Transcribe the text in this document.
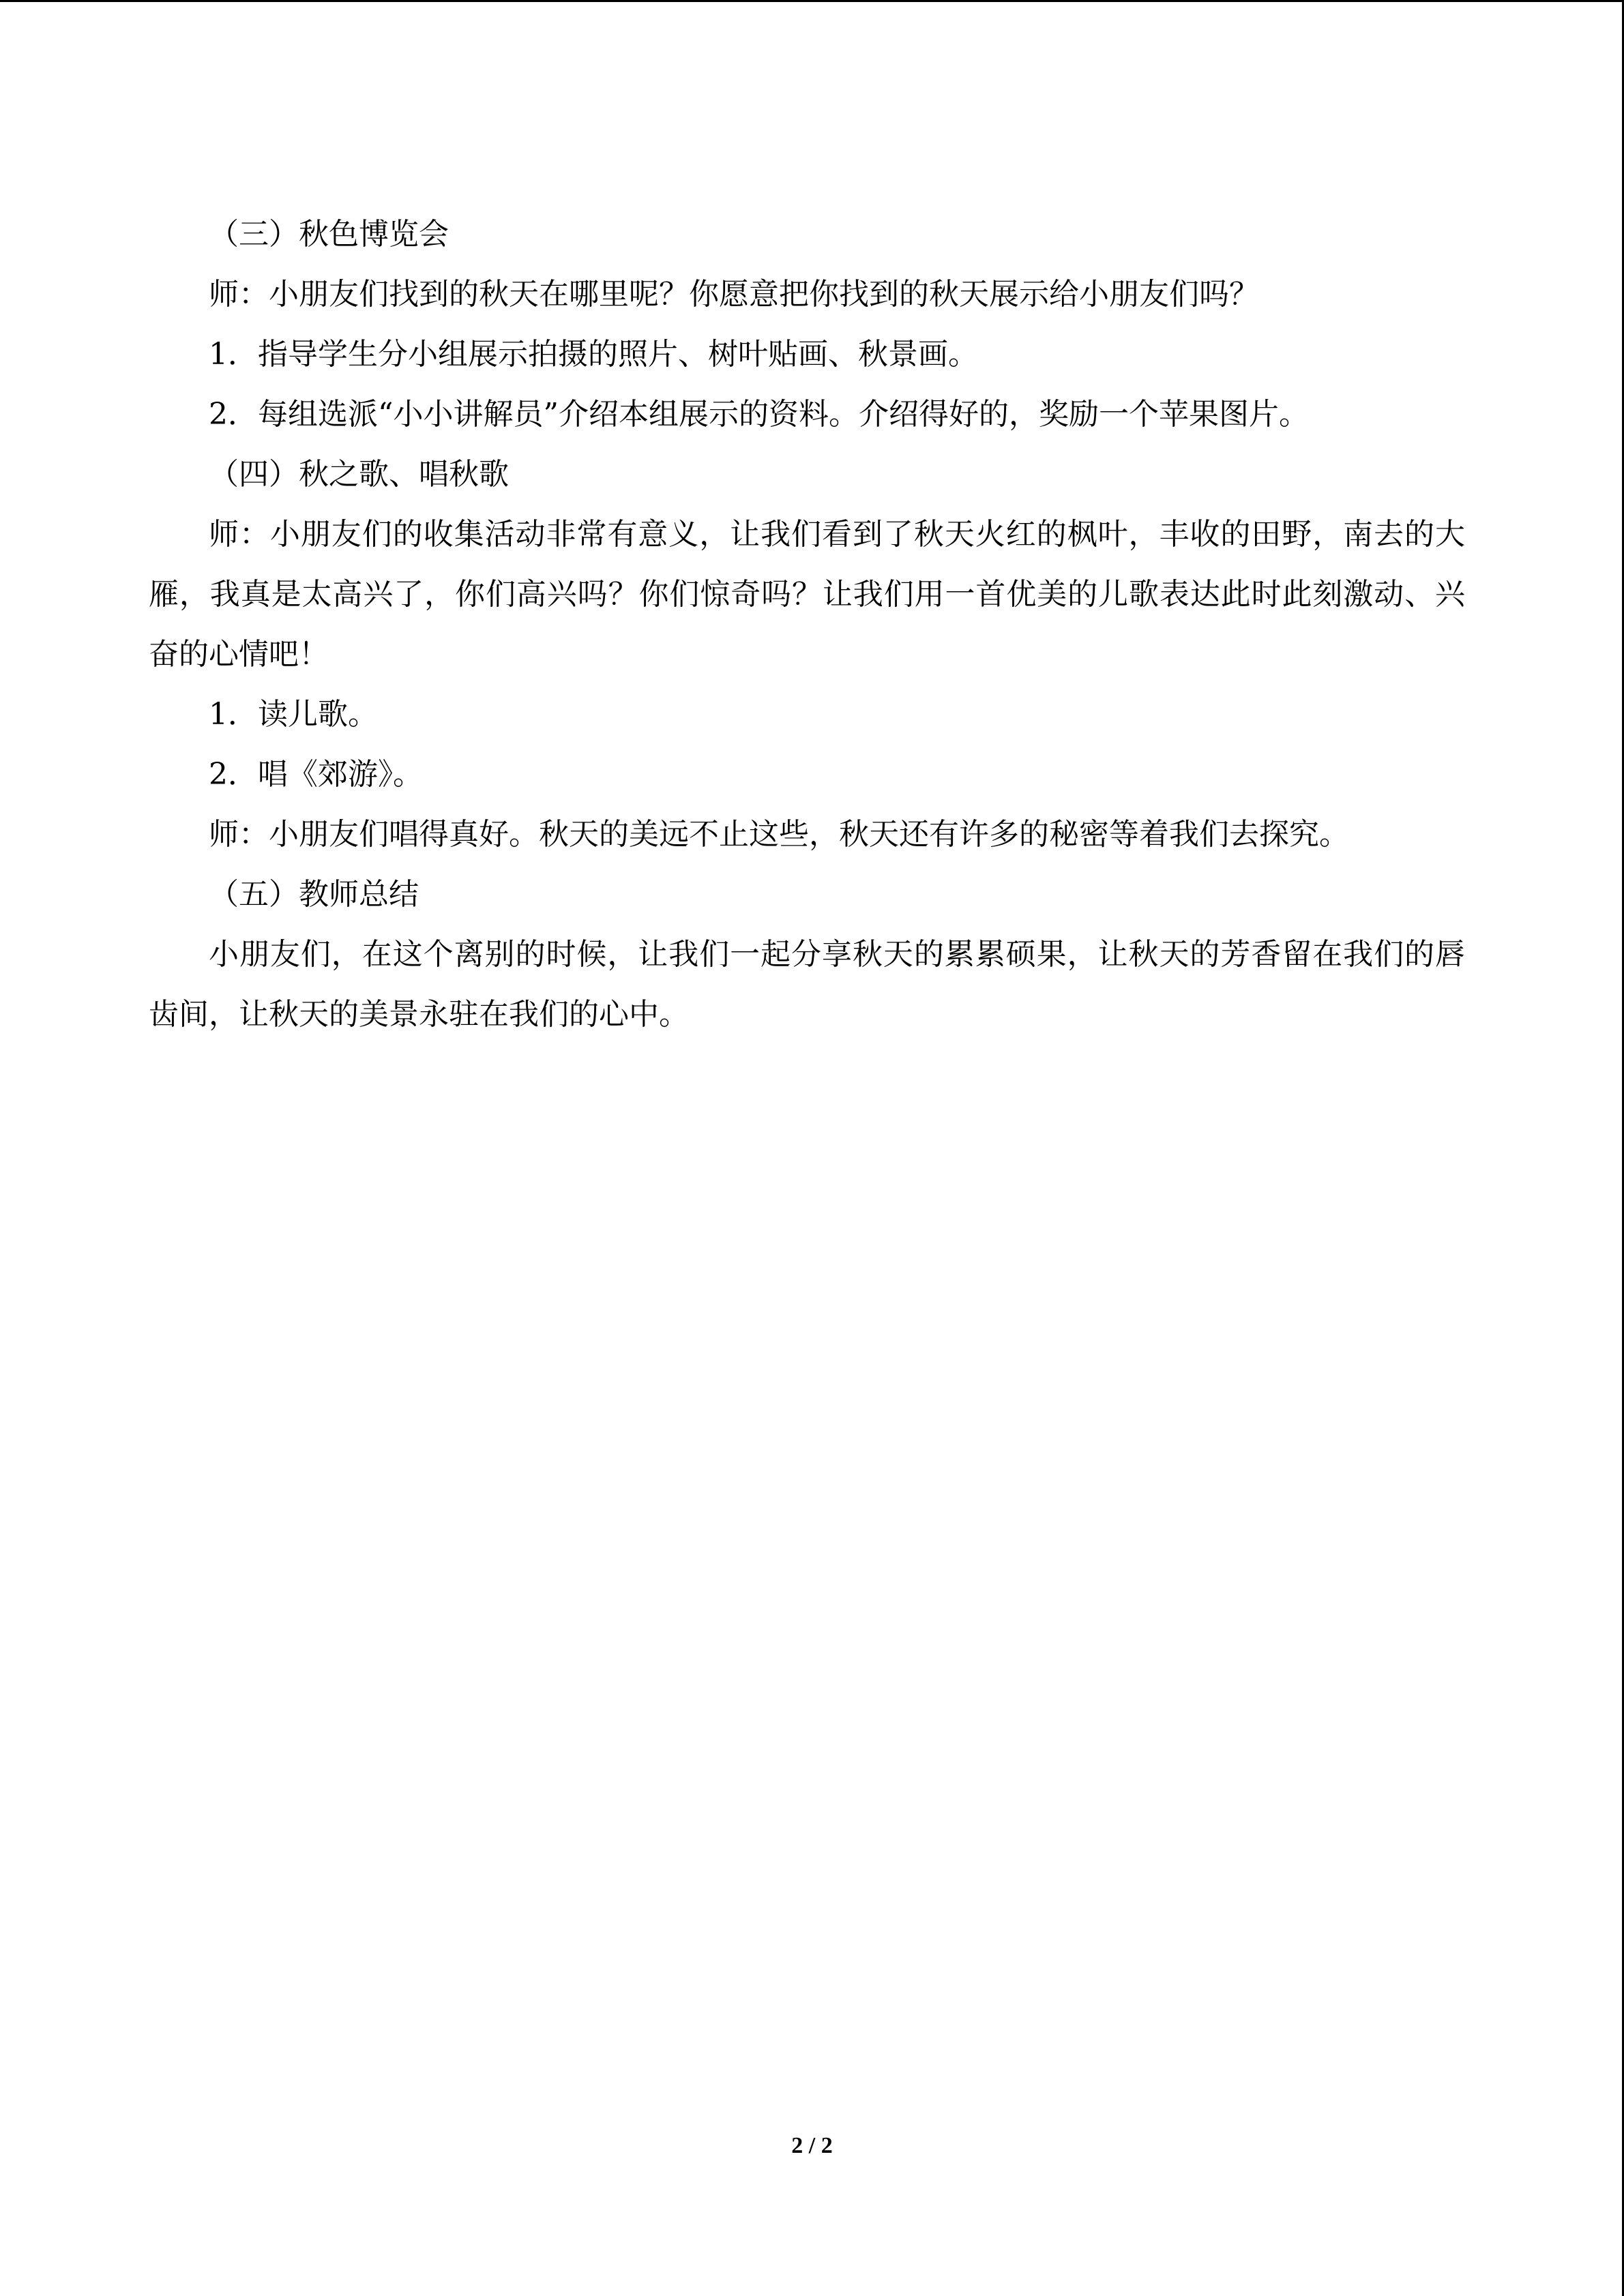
（三）秋色博览会

师：小朋友们找到的秋天在哪里呢？你愿意把你找到的秋天展示给小朋友们吗？

1．指导学生分小组展示拍摄的照片、树叶贴画、秋景画。

2．每组选派“小小讲解员”介绍本组展示的资料。介绍得好的，奖励一个苹果图片。

（四）秋之歌、唱秋歌

师：小朋友们的收集活动非常有意义，让我们看到了秋天火红的枫叶，丰收的田野，南去的大雁，我真是太高兴了，你们高兴吗？你们惊奇吗？让我们用一首优美的儿歌表达此时此刻激动、兴奋的心情吧！

1．读儿歌。

2．唱《郊游》。

师：小朋友们唱得真好。秋天的美远不止这些，秋天还有许多的秘密等着我们去探究。

（五）教师总结

小朋友们，在这个离别的时候，让我们一起分享秋天的累累硕果，让秋天的芳香留在我们的唇齿间，让秋天的美景永驻在我们的心中。

2 / 2
